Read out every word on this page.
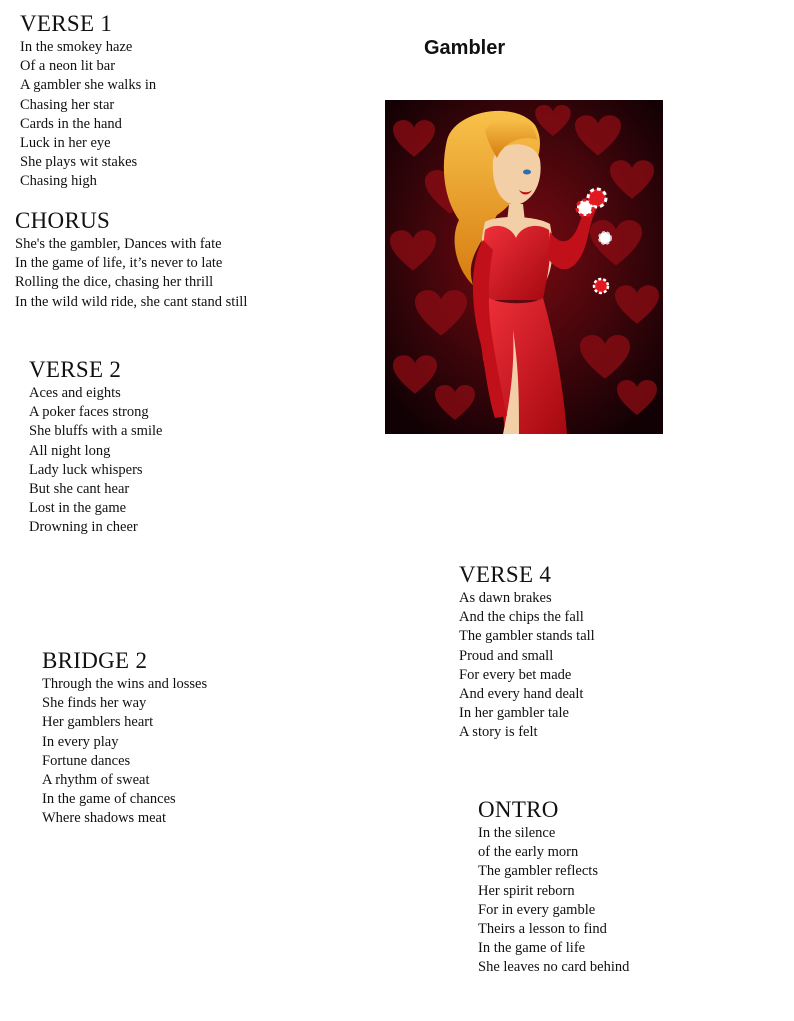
Gambler
VERSE 1
In the smokey haze
Of a neon lit bar
A gambler she walks in
Chasing her star
Cards in the hand
Luck in her eye
She plays wit stakes
Chasing high
CHORUS
She's the gambler, Dances with fate
In the game of life, it’s never to late
Rolling the dice, chasing her thrill
In the wild wild ride, she cant stand still
VERSE 2
Aces and eights
A poker faces strong
She bluffs with a smile
All night long
Lady luck whispers
But she cant hear
Lost in the game
Drowning in cheer
VERSE 4
As dawn brakes
And the chips the fall
The gambler stands tall
Proud and small
For every bet made
And every hand dealt
In her gambler tale
A story is felt
BRIDGE 2
Through the wins and losses
She finds her way
Her gamblers heart
In every play
Fortune dances
A rhythm of sweat
In the game of chances
Where shadows meat	ONTRO
In the silence
of the early morn
The gambler reflects
Her spirit reborn
For in every gamble
Theirs a lesson to find
In the game of life
She leaves no card behind
